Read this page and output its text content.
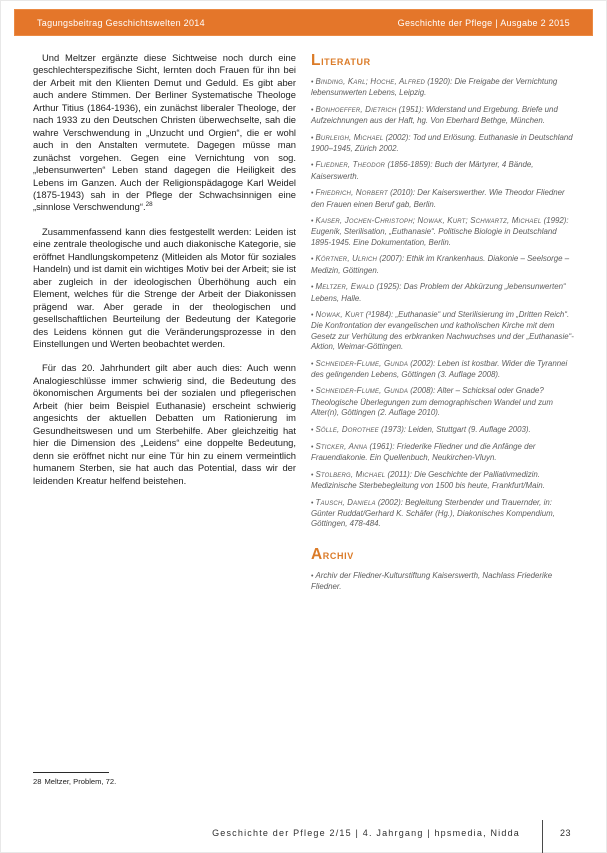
Tagungsbeitrag Geschichtswelten 2014	Geschichte der Pflege | Ausgabe 2 2015

Und Meltzer ergänzte diese Sichtweise noch durch eine geschlechterspezifische Sicht, lernten doch Frauen für ihn bei der Arbeit mit den Klienten Demut und Geduld. Es gibt aber auch andere Stimmen. Der Berliner Systematische Theologe Arthur Titius (1864-1936), ein zunächst liberaler Theologe, der nach 1933 zu den Deutschen Christen überwechselte, sah die wahre Verschwendung in „Unzucht und Orgien“, die er wohl auch in den Anstalten vermutete. Dagegen müsse man zunächst vorgehen. Gegen eine Vernichtung von sog. „lebensunwerten“ Leben stand dagegen die Heiligkeit des Lebens im Ganzen. Auch der Religionspädagoge Karl Weidel (1875-1943) sah in der Pflege der Schwachsinnigen eine „sinnlose Verschwendung“.$^{28}$

Zusammenfassend kann dies festgestellt werden: Leiden ist eine zentrale theologische und auch diakonische Kategorie, sie eröffnet Handlungskompetenz (Mitleiden als Motor für soziales Handeln) und ist damit ein wichtiges Motiv bei der Arbeit; sie ist aber zugleich in der ideologischen Überhöhung auch ein Element, welches für die Strenge der Arbeit der Diakonissen prägend war. Aber gerade in der theologischen und gesellschaftlichen Beurteilung der Bedeutung der Kategorie des Leidens können gut die Veränderungsprozesse in den Einstellungen und Werten beobachtet werden.

Für das 20. Jahrhundert gilt aber auch dies: Auch wenn Analogieschlüsse immer schwierig sind, die Bedeutung des ökonomischen Arguments bei der sozialen und pflegerischen Arbeit (hier beim Beispiel Euthanasie) erscheint schwierig angesichts der aktuellen Debatten um Rationierung im Gesundheitswesen und um Sterbehilfe. Aber gleichzeitig hat hier die Dimension des „Leidens“ eine doppelte Bedeutung, denn sie eröffnet nicht nur eine Tür hin zu einem vermeintlich humanem Sterben, sie hat auch das Potential, dass wir der leidenden Kreatur helfend beistehen.

Literatur
• Binding, Karl; Hoche, Alfred (1920): Die Freigabe der Vernichtung lebensunwerten Lebens, Leipzig.
• Bonhoeffer, Dietrich (1951): Widerstand und Ergebung. Briefe und Aufzeichnungen aus der Haft, hg. Von Eberhard Bethge, München.
• Burleigh, Michael (2002): Tod und Erlösung. Euthanasie in Deutschland 1900–1945, Zürich 2002.
• Fliedner, Theodor (1856-1859): Buch der Märtyrer, 4 Bände, Kaiserswerth.
• Friedrich, Norbert (2010): Der Kaiserswerther. Wie Theodor Fliedner den Frauen einen Beruf gab, Berlin.
• Kaiser, Jochen-Christoph; Nowak, Kurt; Schwartz, Michael (1992): Eugenik, Sterilisation, „Euthanasie“. Politische Biologie in Deutschland 1895-1945. Eine Dokumentation, Berlin.
• Körtner, Ulrich (2007): Ethik im Krankenhaus. Diakonie – Seelsorge – Medizin, Göttingen.
• Meltzer, Ewald (1925): Das Problem der Abkürzung „lebensunwerten“ Lebens, Halle.
• Nowak, Kurt (³1984): „Euthanasie“ und Sterilisierung im „Dritten Reich“. Die Konfrontation der evangelischen und katholischen Kirche mit dem Gesetz zur Verhütung des erbkranken Nachwuchses und der „Euthanasie“-Aktion, Weimar-Göttingen.
• Schneider-Flume, Gunda (2002): Leben ist kostbar. Wider die Tyrannei des gelingenden Lebens, Göttingen (3. Auflage 2008).
• Schneider-Flume, Gunda (2008): Alter – Schicksal oder Gnade? Theologische Überlegungen zum demographischen Wandel und zum Alter(n), Göttingen (2. Auflage 2010).
• Sölle, Dorothee (1973): Leiden, Stuttgart (9. Auflage 2003).
• Sticker, Anna (1961): Friederike Fliedner und die Anfänge der Frauendiakonie. Ein Quellenbuch, Neukirchen-Vluyn.
• Stolberg, Michael (2011): Die Geschichte der Palliativmedizin. Medizinische Sterbebegleitung von 1500 bis heute, Frankfurt/Main.
• Tausch, Daniela (2002): Begleitung Sterbender und Trauernder, in: Günter Ruddat/Gerhard K. Schäfer (Hg.), Diakonisches Kompendium, Göttingen, 478-484.
Archiv
• Archiv der Fliedner-Kulturstiftung Kaiserswerth, Nachlass Friederike Fliedner.
28 Meltzer, Problem, 72.
Geschichte der Pflege 2/15 | 4. Jahrgang | hpsmedia, Nidda	23
